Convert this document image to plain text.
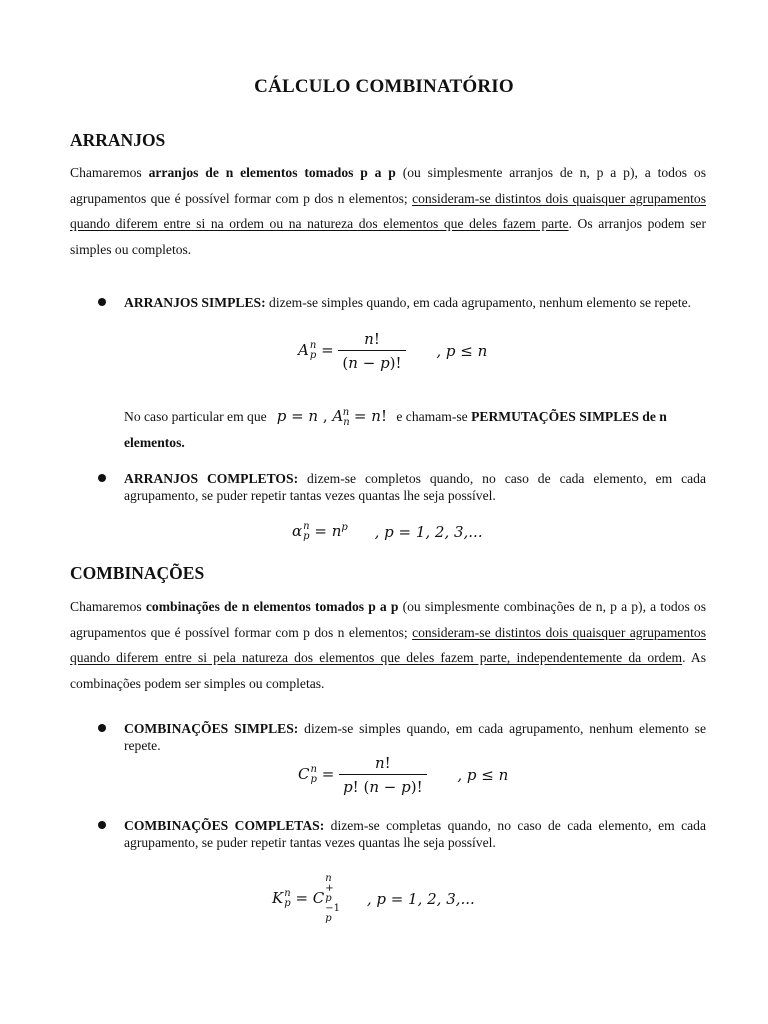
CÁLCULO COMBINATÓRIO
ARRANJOS
Chamaremos arranjos de n elementos tomados p a p (ou simplesmente arranjos de n, p a p), a todos os agrupamentos que é possível formar com p dos n elementos; consideram-se distintos dois quaisquer agrupamentos quando diferem entre si na ordem ou na natureza dos elementos que deles fazem parte. Os arranjos podem ser simples ou completos.
ARRANJOS SIMPLES: dizem-se simples quando, em cada agrupamento, nenhum elemento se repete.
A n
$p = \frac{n!}{(n - p)!}$ , p ≤ n
No caso particular em que p = n , $A_n^n = n$! e chamam-se PERMUTAÇÕES SIMPLES de n elementos.
ARRANJOS COMPLETOS: dizem-se completos quando, no caso de cada elemento, em cada agrupamento, se puder repetir tantas vezes quantas lhe seja possível.
α n
$p = n^p$ , p = 1, 2, 3,...
COMBINAÇÕES
Chamaremos combinações de n elementos tomados p a p (ou simplesmente combinações de n, p a p), a todos os agrupamentos que é possível formar com p dos n elementos; consideram-se distintos dois quaisquer agrupamentos quando diferem entre si pela natureza dos elementos que deles fazem parte, independentemente da ordem. As combinações podem ser simples ou completas.
COMBINAÇÕES SIMPLES: dizem-se simples quando, em cada agrupamento, nenhum elemento se repete.
C n
$p = \frac{n!}{p! (n - p)!}$ , p ≤ n
COMBINAÇÕES COMPLETAS: dizem-se completas quando, no caso de cada elemento, em cada agrupamento, se puder repetir tantas vezes quantas lhe seja possível.
K n
p = C
n
+
p
−1
p
, p = 1, 2, 3,...
